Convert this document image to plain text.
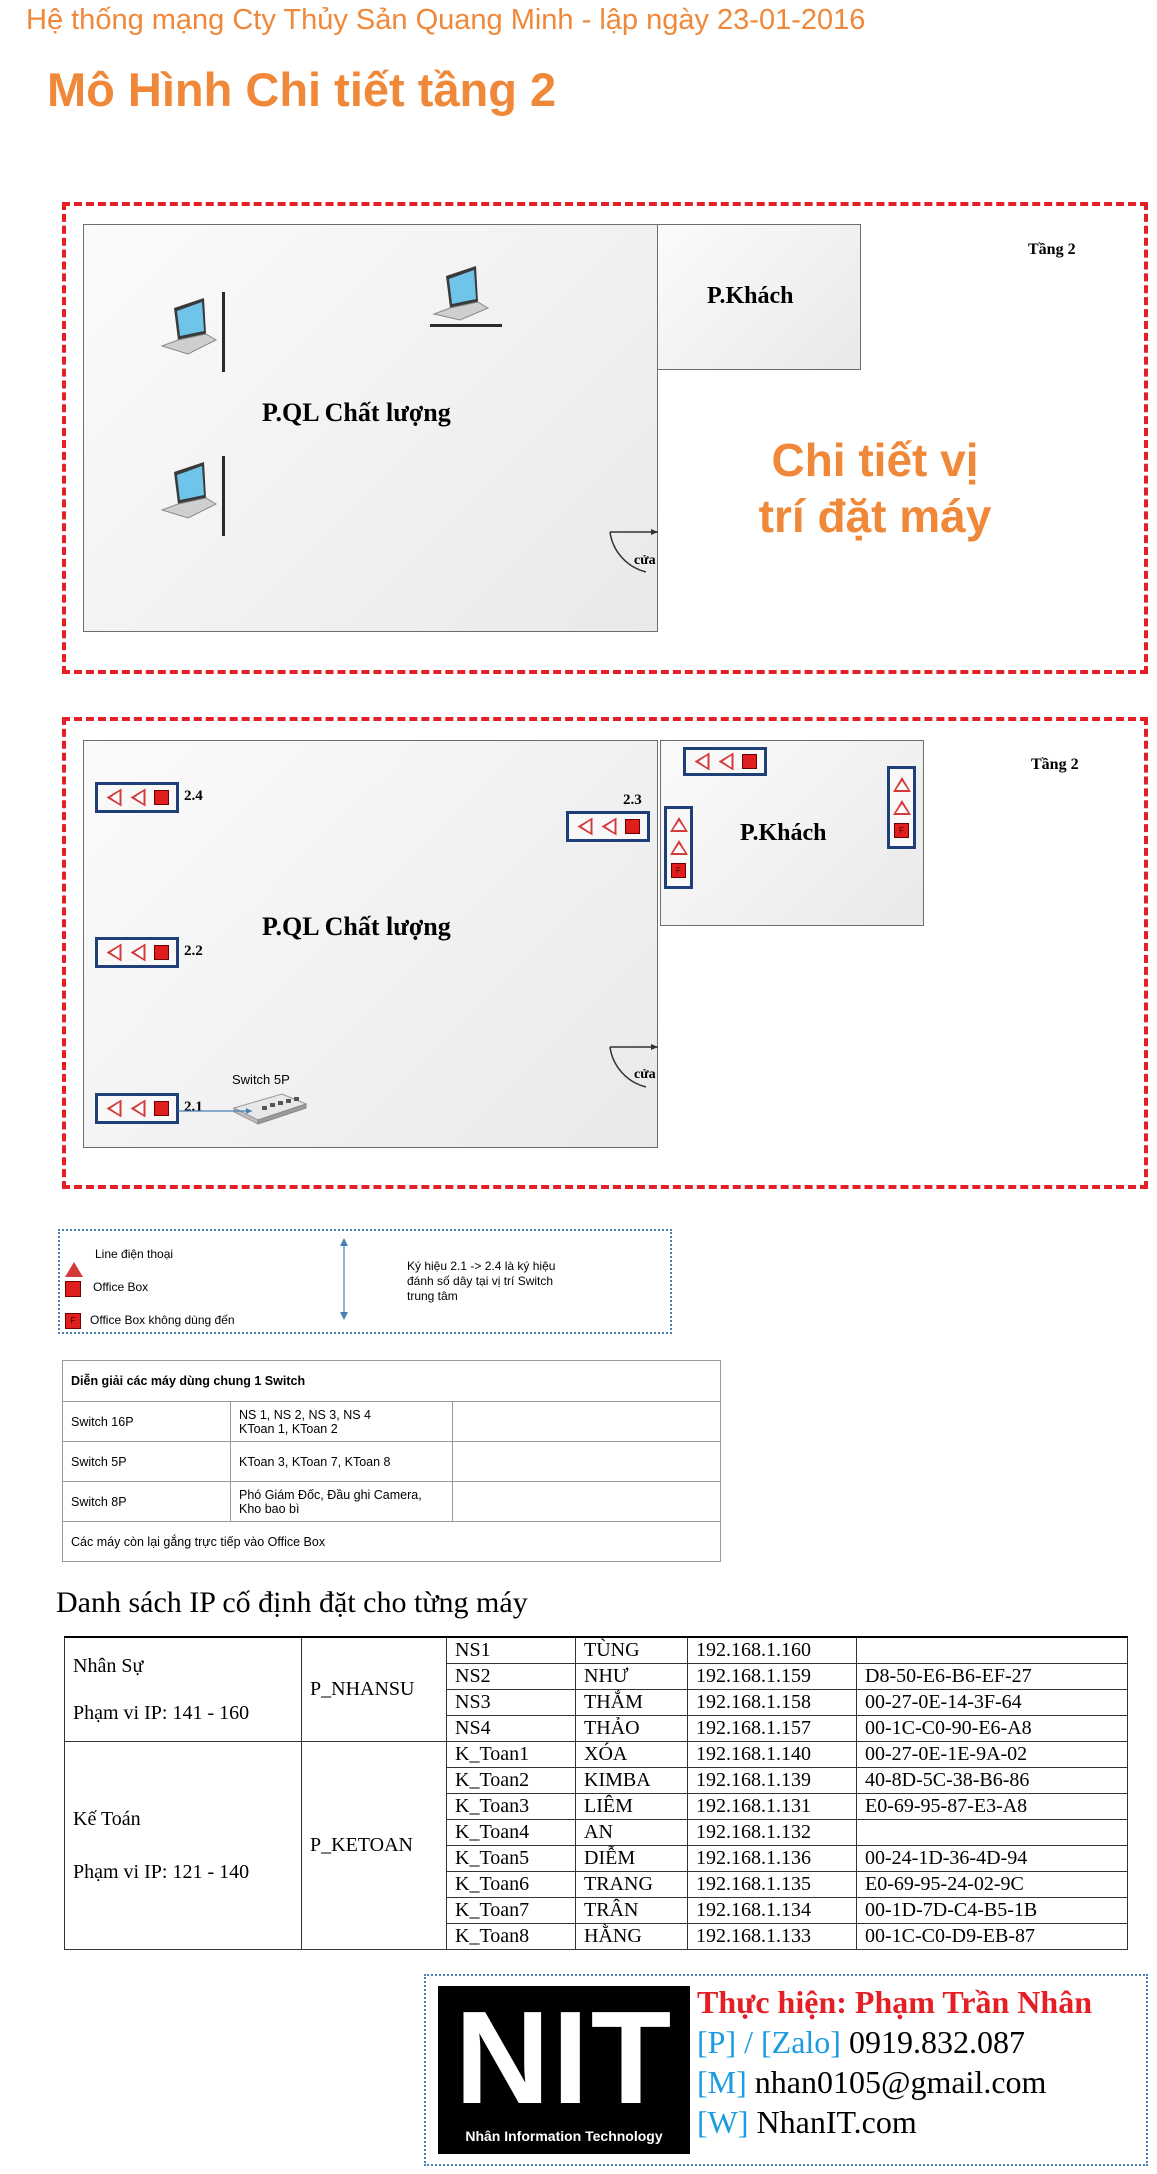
Hệ thống mạng Cty Thủy Sản Quang Minh - lập ngày 23-01-2016
Mô Hình Chi tiết tầng 2
P.QL Chất lượng
P.Khách
Tầng 2
Chi tiết vị
trí đặt máy
cửa
P.QL Chất lượng
P.Khách
Tầng 2
2.4
2.2
2.1
2.3
F
F
Switch 5P	cửa
Line điện thoại
Office Box
F	Office Box không dùng đến
Ký hiệu 2.1 -> 2.4 là ký hiệu đánh số dây tại vị trí Switch trung tâm
Diễn giải các máy dùng chung 1 Switch		
Switch 16P	NS 1, NS 2, NS 3, NS 4
KToan 1, KToan 2	

Switch 5P	KToan 3, KToan 7, KToan 8	
Switch 8P	Phó Giám Đốc, Đầu ghi Camera,
Kho bao bì	

Các máy còn lại gắng trực tiếp vào Office Box		
Danh sách IP cố định đặt cho từng máy
Nhân Sự
Phạm vi IP: 141 - 160	P_NHANSU	NS1	TÙNG	192.168.1.160	
		NS2	NHƯ	192.168.1.159	D8-50-E6-B6-EF-27
		NS3	THẮM	192.168.1.158	00-27-0E-14-3F-64
		NS4	THẢO	192.168.1.157	00-1C-C0-90-E6-A8

Kế Toán
Phạm vi IP: 121 - 140	P_KETOAN	K_Toan1	XÓA	192.168.1.140	00-27-0E-1E-9A-02
		K_Toan2	KIMBA	192.168.1.139	40-8D-5C-38-B6-86
		K_Toan3	LIÊM	192.168.1.131	E0-69-95-87-E3-A8
		K_Toan4	AN	192.168.1.132	
		K_Toan5	DIỄM	192.168.1.136	00-24-1D-36-4D-94
		K_Toan6	TRANG	192.168.1.135	E0-69-95-24-02-9C
		K_Toan7	TRÂN	192.168.1.134	00-1D-7D-C4-B5-1B
		K_Toan8	HẰNG	192.168.1.133	00-1C-C0-D9-EB-87
NIT
Nhân Information Technology
Thực hiện: Phạm Trần Nhân
[P] / [Zalo] 0919.832.087
[M] nhan0105@gmail.com
[W] NhanIT.com
